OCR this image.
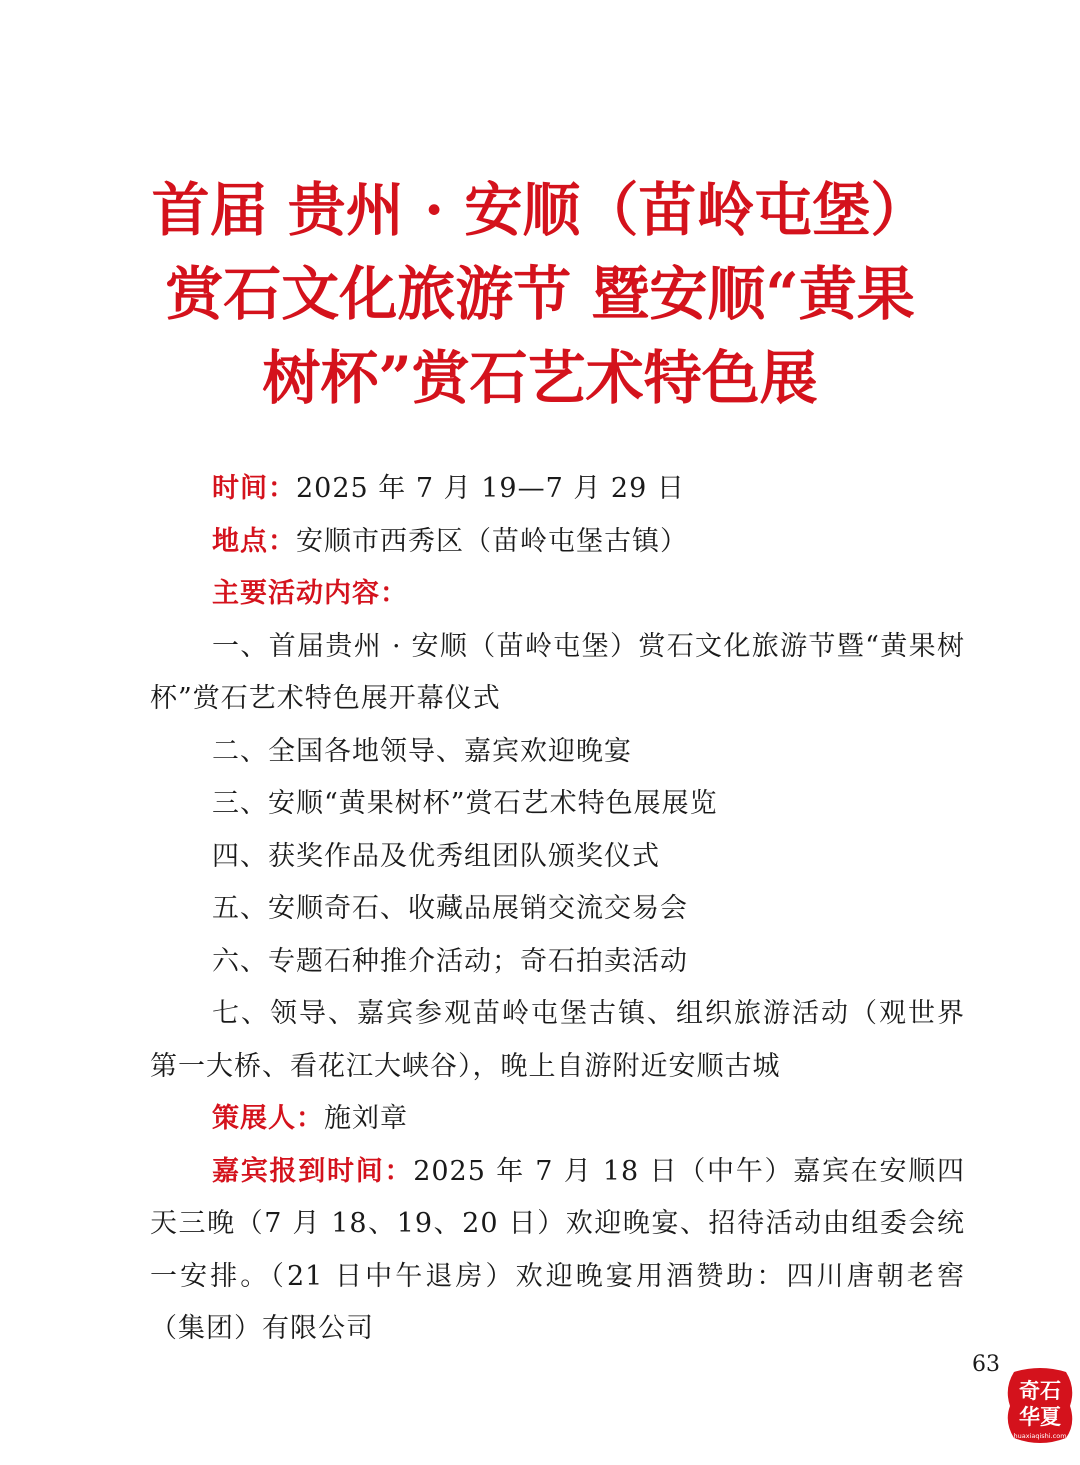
首届 贵州 · 安顺（苗岭屯堡）
赏石文化旅游节 暨安顺“黄果
树杯”赏石艺术特色展

时间：2025 年 7 月 19—7 月 29 日

地点：安顺市西秀区（苗岭屯堡古镇）

主要活动内容：

一、首届贵州 · 安顺（苗岭屯堡）赏石文化旅游节暨“黄果树杯”赏石艺术特色展开幕仪式

二、全国各地领导、嘉宾欢迎晚宴

三、安顺“黄果树杯”赏石艺术特色展展览

四、获奖作品及优秀组团队颁奖仪式

五、安顺奇石、收藏品展销交流交易会

六、专题石种推介活动；奇石拍卖活动

七、领导、嘉宾参观苗岭屯堡古镇、组织旅游活动（观世界第一大桥、看花江大峡谷），晚上自游附近安顺古城

策展人：施刘章

嘉宾报到时间：2025 年 7 月 18 日（中午）嘉宾在安顺四天三晚（7 月 18、19、20 日）欢迎晚宴、招待活动由组委会统一安排。（21 日中午退房）欢迎晚宴用酒赞助：四川唐朝老窖（集团）有限公司

63
奇石
华夏
huaxiaqishi.com
